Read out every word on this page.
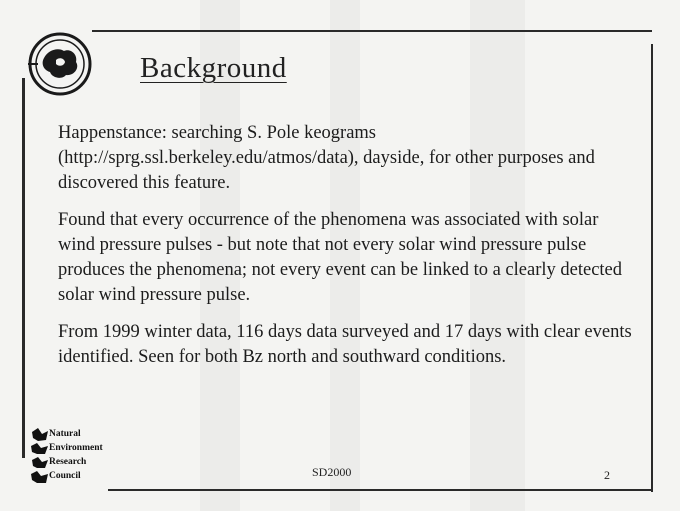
Background

Happenstance: searching S. Pole keograms (http://sprg.ssl.berkeley.edu/atmos/data), dayside, for other purposes and discovered this feature.

Found that every occurrence of the phenomena was associated with solar wind pressure pulses - but note that not every solar wind pressure pulse produces the phenomena; not every event can be linked to a clearly detected solar wind pressure pulse.

From 1999 winter data, 116 days data surveyed and 17 days with clear events identified. Seen for both Bz north and southward conditions.

Natural
Environment
Research
Council	SD2000	2
